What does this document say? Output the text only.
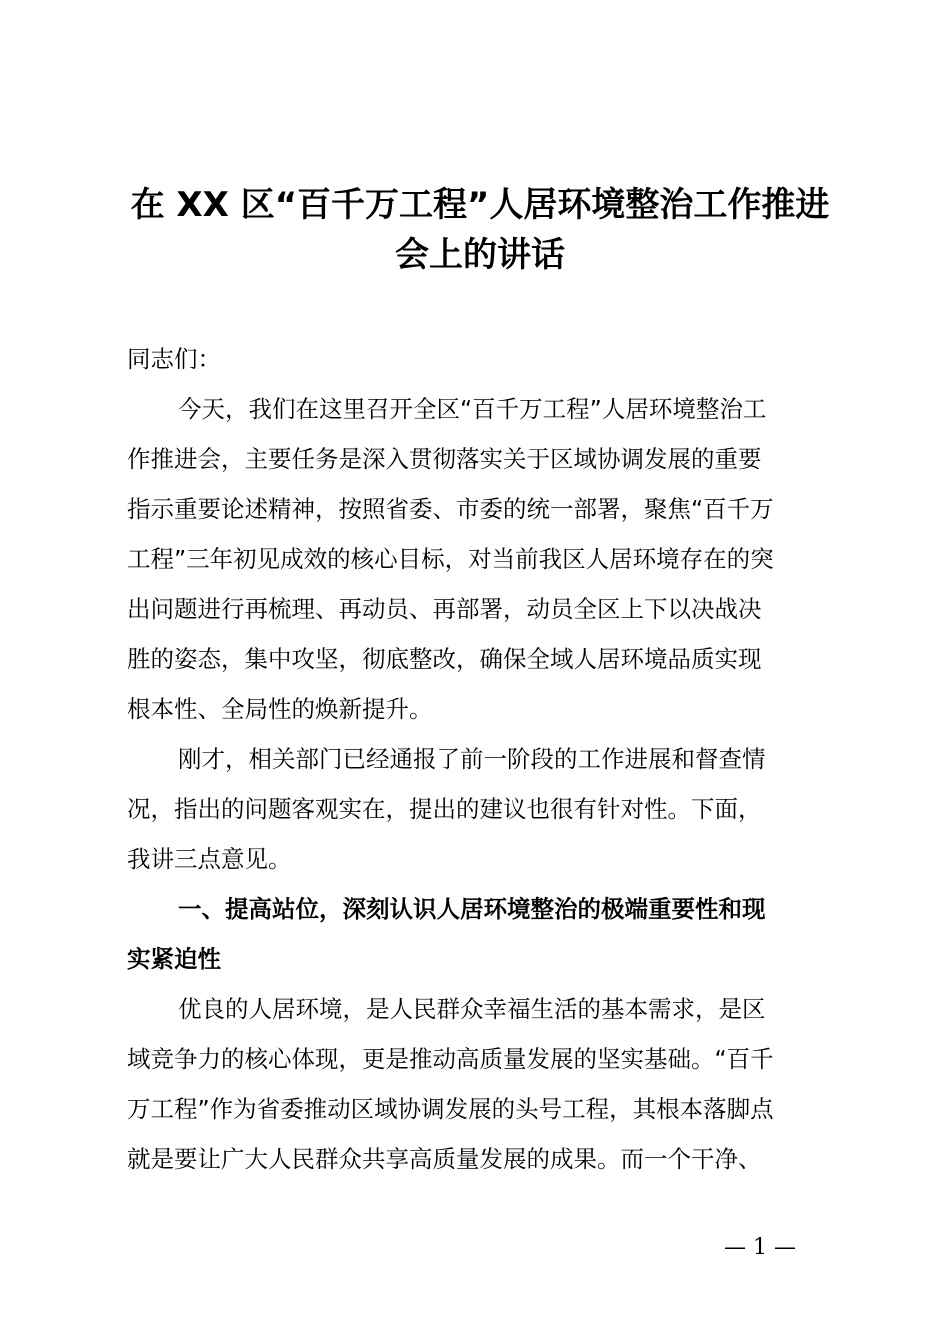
在 XX 区“百千万工程”人居环境整治工作推进
会上的讲话
同志们：
今天，我们在这里召开全区“百千万工程”人居环境整治工
作推进会，主要任务是深入贯彻落实关于区域协调发展的重要
指示重要论述精神，按照省委、市委的统一部署，聚焦“百千万
工程”三年初见成效的核心目标，对当前我区人居环境存在的突
出问题进行再梳理、再动员、再部署，动员全区上下以决战决
胜的姿态，集中攻坚，彻底整改，确保全域人居环境品质实现
根本性、全局性的焕新提升。
刚才，相关部门已经通报了前一阶段的工作进展和督查情
况，指出的问题客观实在，提出的建议也很有针对性。下面，
我讲三点意见。
一、提高站位，深刻认识人居环境整治的极端重要性和现
实紧迫性
优良的人居环境，是人民群众幸福生活的基本需求，是区
域竞争力的核心体现，更是推动高质量发展的坚实基础。“百千
万工程”作为省委推动区域协调发展的头号工程，其根本落脚点
就是要让广大人民群众共享高质量发展的成果。而一个干净、
— 1 —
